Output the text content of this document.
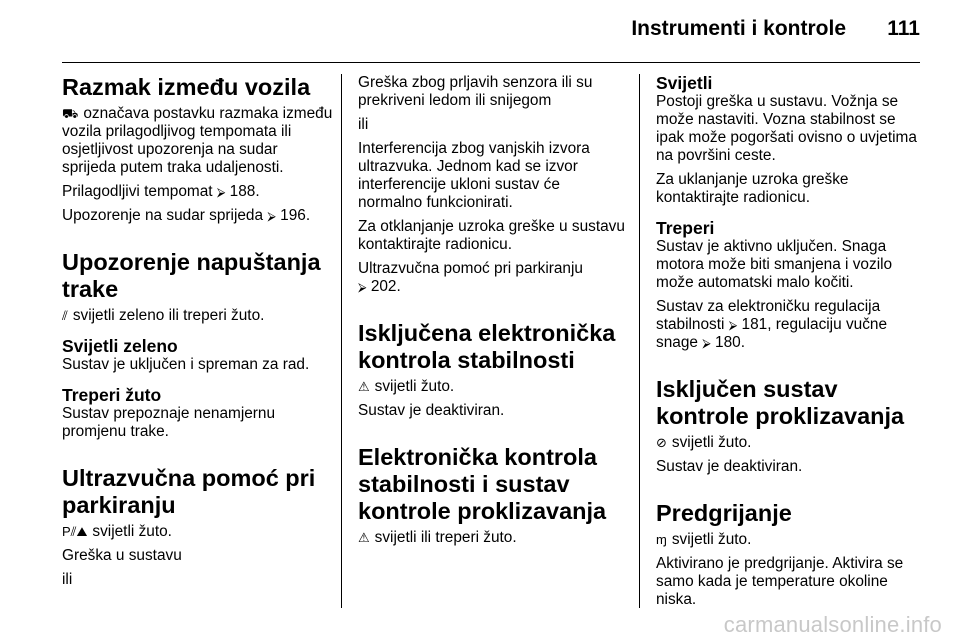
Instrumenti i kontrole 111
Razmak između vozila
⛟ označava postavku razmaka između vozila prilagodljivog tempomata ili osjetljivost upozorenja na sudar sprijeda putem traka udaljenosti.
Prilagodljivi tempomat ⮚ 188.
Upozorenje na sudar sprijeda ⮚ 196.
Upozorenje napuštanja trake
⫽ svijetli zeleno ili treperi žuto.
Svijetli zeleno
Sustav je uključen i spreman za rad.
Treperi žuto
Sustav prepoznaje nenamjernu promjenu trake.
Ultrazvučna pomoć pri parkiranju
P⫽⛰ svijetli žuto.
Greška u sustavu
ili
Greška zbog prljavih senzora ili su prekriveni ledom ili snijegom
ili
Interferencija zbog vanjskih izvora ultrazvuka. Jednom kad se izvor interferencije ukloni sustav će normalno funkcionirati.
Za otklanjanje uzroka greške u sustavu kontaktirajte radionicu.
Ultrazvučna pomoć pri parkiranju
⮚ 202.
Isključena elektronička kontrola stabilnosti
⚠ svijetli žuto.
Sustav je deaktiviran.
Elektronička kontrola stabilnosti i sustav kontrole proklizavanja
⚠ svijetli ili treperi žuto.
Svijetli
Postoji greška u sustavu. Vožnja se može nastaviti. Vozna stabilnost se ipak može pogoršati ovisno o uvjetima na površini ceste.
Za uklanjanje uzroka greške kontaktirajte radionicu.
Treperi
Sustav je aktivno uključen. Snaga motora može biti smanjena i vozilo može automatski malo kočiti.
Sustav za elektroničku regulacija stabilnosti ⮚ 181, regulaciju vučne snage ⮚ 180.
Isključen sustav kontrole proklizavanja
⊘ svijetli žuto.
Sustav je deaktiviran.
Predgrijanje
ɱ svijetli žuto.
Aktivirano je predgrijanje. Aktivira se samo kada je temperature okoline niska.
carmanualsonline.info
